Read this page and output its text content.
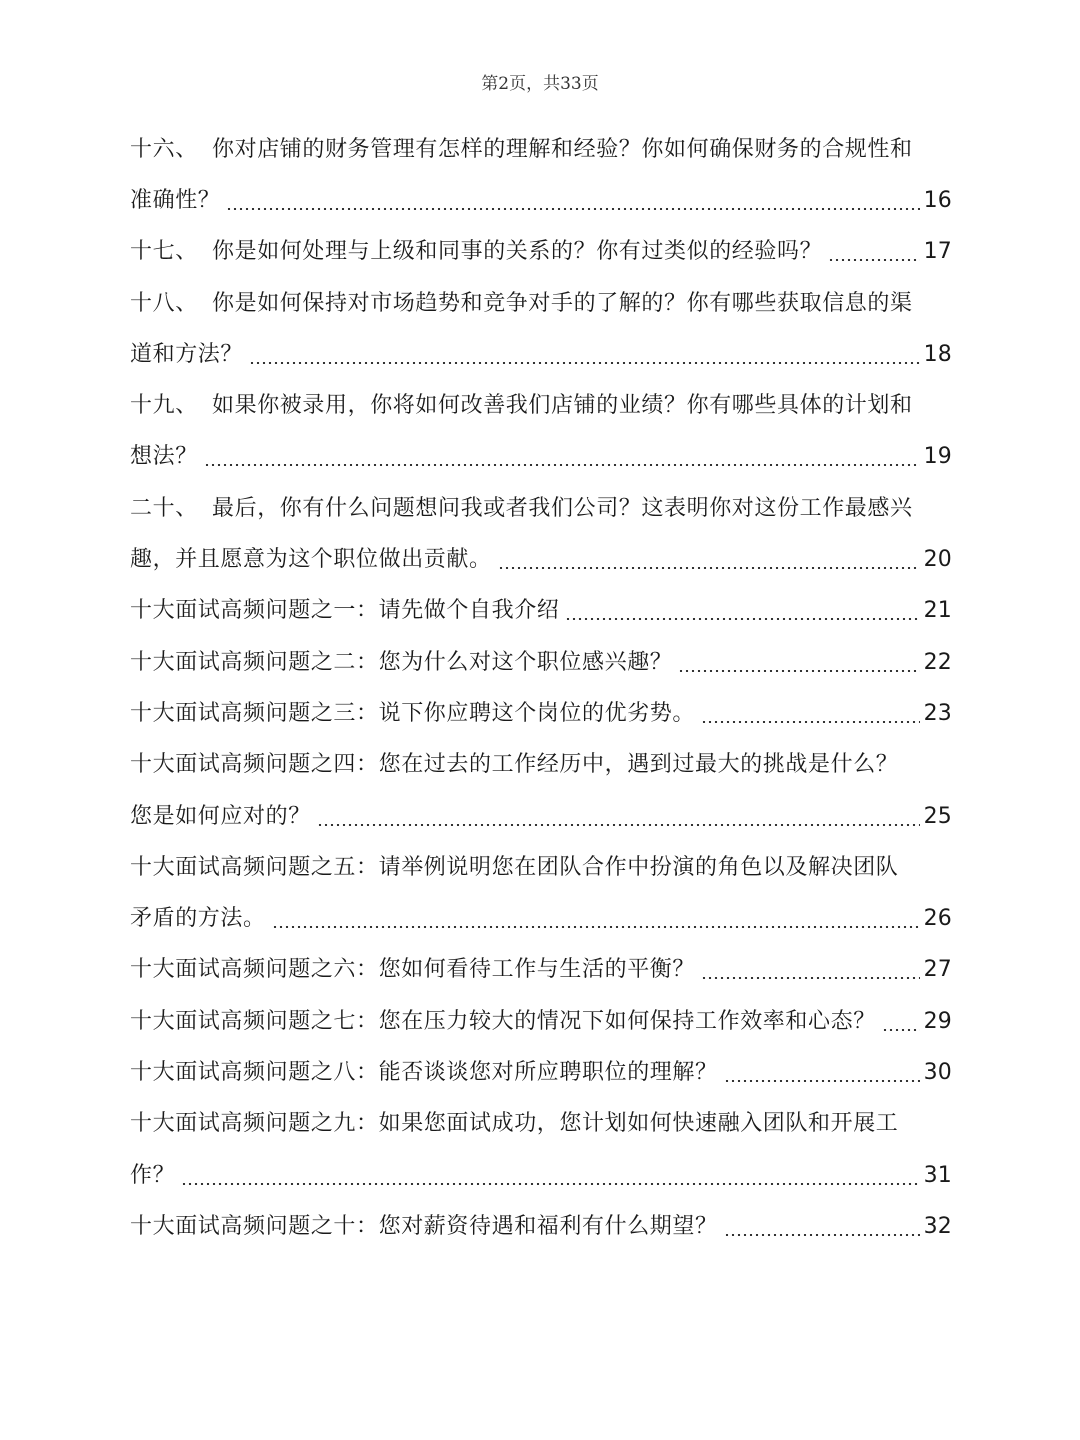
第2页，共33页
十六、 你对店铺的财务管理有怎样的理解和经验？你如何确保财务的合规性和
准确性？	16
十七、 你是如何处理与上级和同事的关系的？你有过类似的经验吗？	17
十八、 你是如何保持对市场趋势和竞争对手的了解的？你有哪些获取信息的渠
道和方法？	18
十九、 如果你被录用，你将如何改善我们店铺的业绩？你有哪些具体的计划和
想法？	19
二十、 最后，你有什么问题想问我或者我们公司？这表明你对这份工作最感兴
趣，并且愿意为这个职位做出贡献。	20
十大面试高频问题之一：请先做个自我介绍	21
十大面试高频问题之二：您为什么对这个职位感兴趣？	22
十大面试高频问题之三：说下你应聘这个岗位的优劣势。	23
十大面试高频问题之四：您在过去的工作经历中，遇到过最大的挑战是什么？
您是如何应对的？	25
十大面试高频问题之五：请举例说明您在团队合作中扮演的角色以及解决团队
矛盾的方法。	26
十大面试高频问题之六：您如何看待工作与生活的平衡？	27
十大面试高频问题之七：您在压力较大的情况下如何保持工作效率和心态？ 29
十大面试高频问题之八：能否谈谈您对所应聘职位的理解？	30
十大面试高频问题之九：如果您面试成功，您计划如何快速融入团队和开展工
作？	31
十大面试高频问题之十：您对薪资待遇和福利有什么期望？	32
